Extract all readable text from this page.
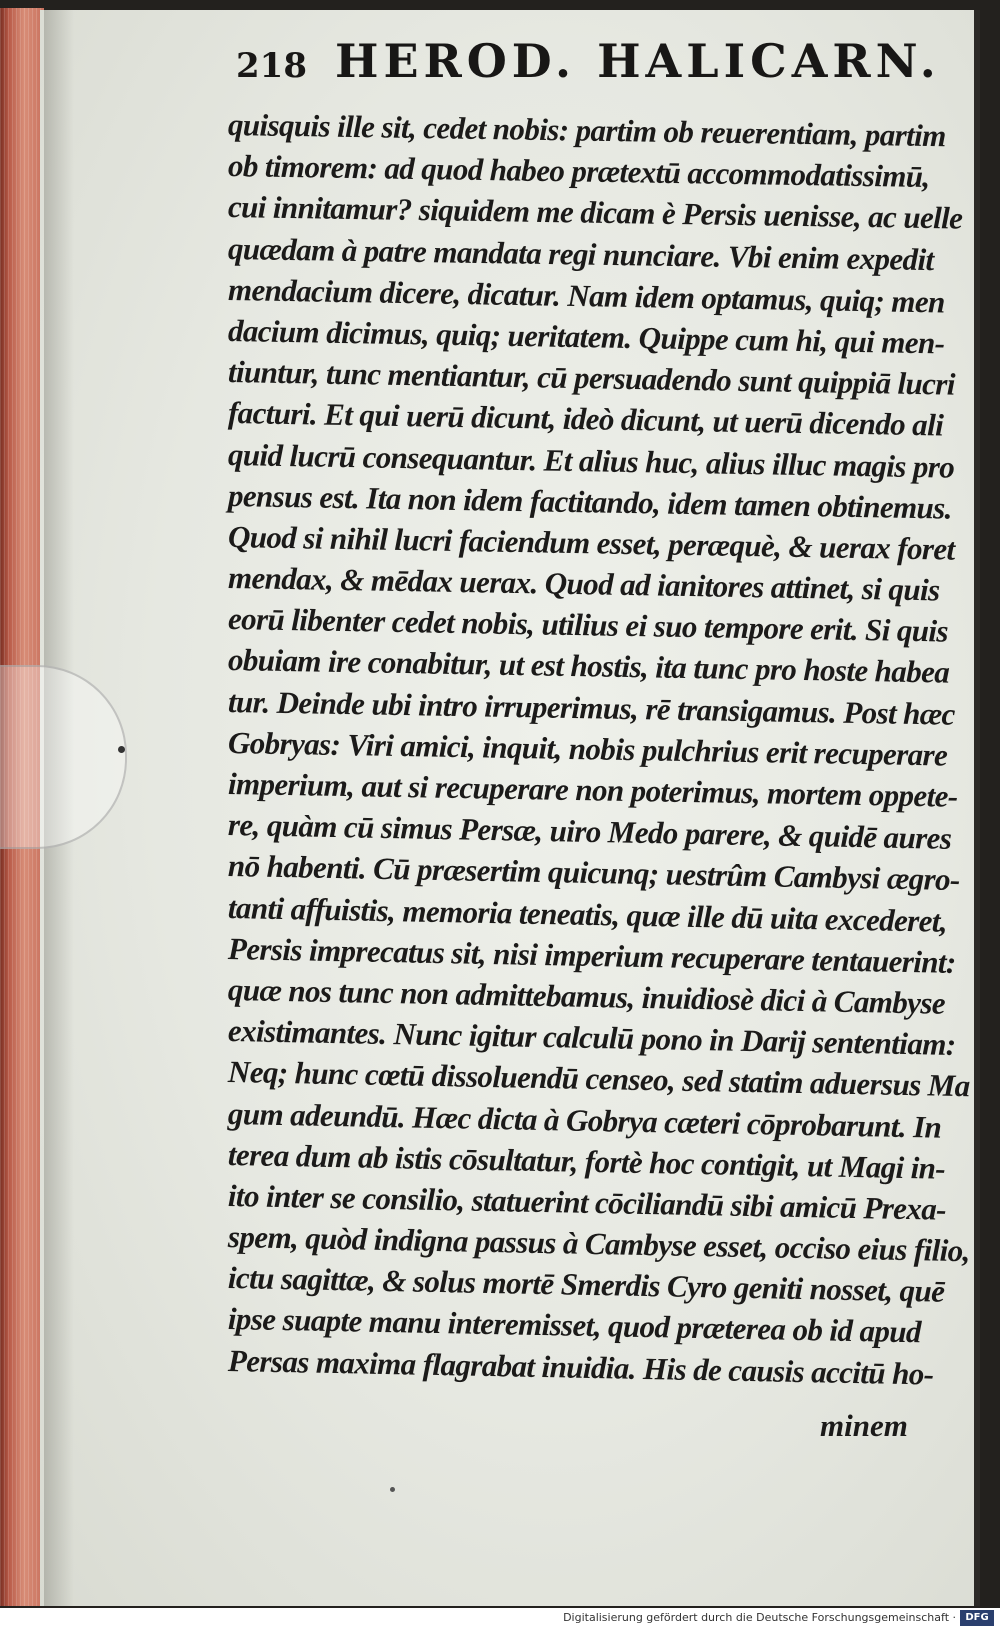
218 HEROD. HALICARN.
quisquis ille sit, cedet nobis: partim ob reuerentiam, partim
ob timorem: ad quod habeo prætextū accommodatissimū,
cui innitamur? siquidem me dicam è Persis uenisse, ac uelle
quædam à patre mandata regi nunciare. Vbi enim expedit
mendacium dicere, dicatur. Nam idem optamus, quiq; men
dacium dicimus, quiq; ueritatem. Quippe cum hi, qui men-
tiuntur, tunc mentiantur, cū persuadendo sunt quippiā lucri
facturi. Et qui uerū dicunt, ideò dicunt, ut uerū dicendo ali
quid lucrū consequantur. Et alius huc, alius illuc magis pro
pensus est. Ita non idem factitando, idem tamen obtinemus.
Quod si nihil lucri faciendum esset, peræquè, & uerax foret
mendax, & mēdax uerax. Quod ad ianitores attinet, si quis
eorū libenter cedet nobis, utilius ei suo tempore erit. Si quis
obuiam ire conabitur, ut est hostis, ita tunc pro hoste habea
tur. Deinde ubi intro irruperimus, rē transigamus. Post hæc
Gobryas: Viri amici, inquit, nobis pulchrius erit recuperare
imperium, aut si recuperare non poterimus, mortem oppete-
re, quàm cū simus Persæ, uiro Medo parere, & quidē aures
nō habenti. Cū præsertim quicunq; uestrûm Cambysi ægro-
tanti affuistis, memoria teneatis, quæ ille dū uita excederet,
Persis imprecatus sit, nisi imperium recuperare tentauerint:
quæ nos tunc non admittebamus, inuidiosè dici à Cambyse
existimantes. Nunc igitur calculū pono in Darij sententiam:
Neq; hunc cœtū dissoluendū censeo, sed statim aduersus Ma
gum adeundū. Hæc dicta à Gobrya cæteri cōprobarunt. In
terea dum ab istis cōsultatur, fortè hoc contigit, ut Magi in-
ito inter se consilio, statuerint cōciliandū sibi amicū Prexa-
spem, quòd indigna passus à Cambyse esset, occiso eius filio,
ictu sagittæ, & solus mortē Smerdis Cyro geniti nosset, quē
ipse suapte manu interemisset, quod præterea ob id apud
Persas maxima flagrabat inuidia. His de causis accitū ho-
minem
Digitalisierung gefördert durch die Deutsche Forschungsgemeinschaft · DFG
